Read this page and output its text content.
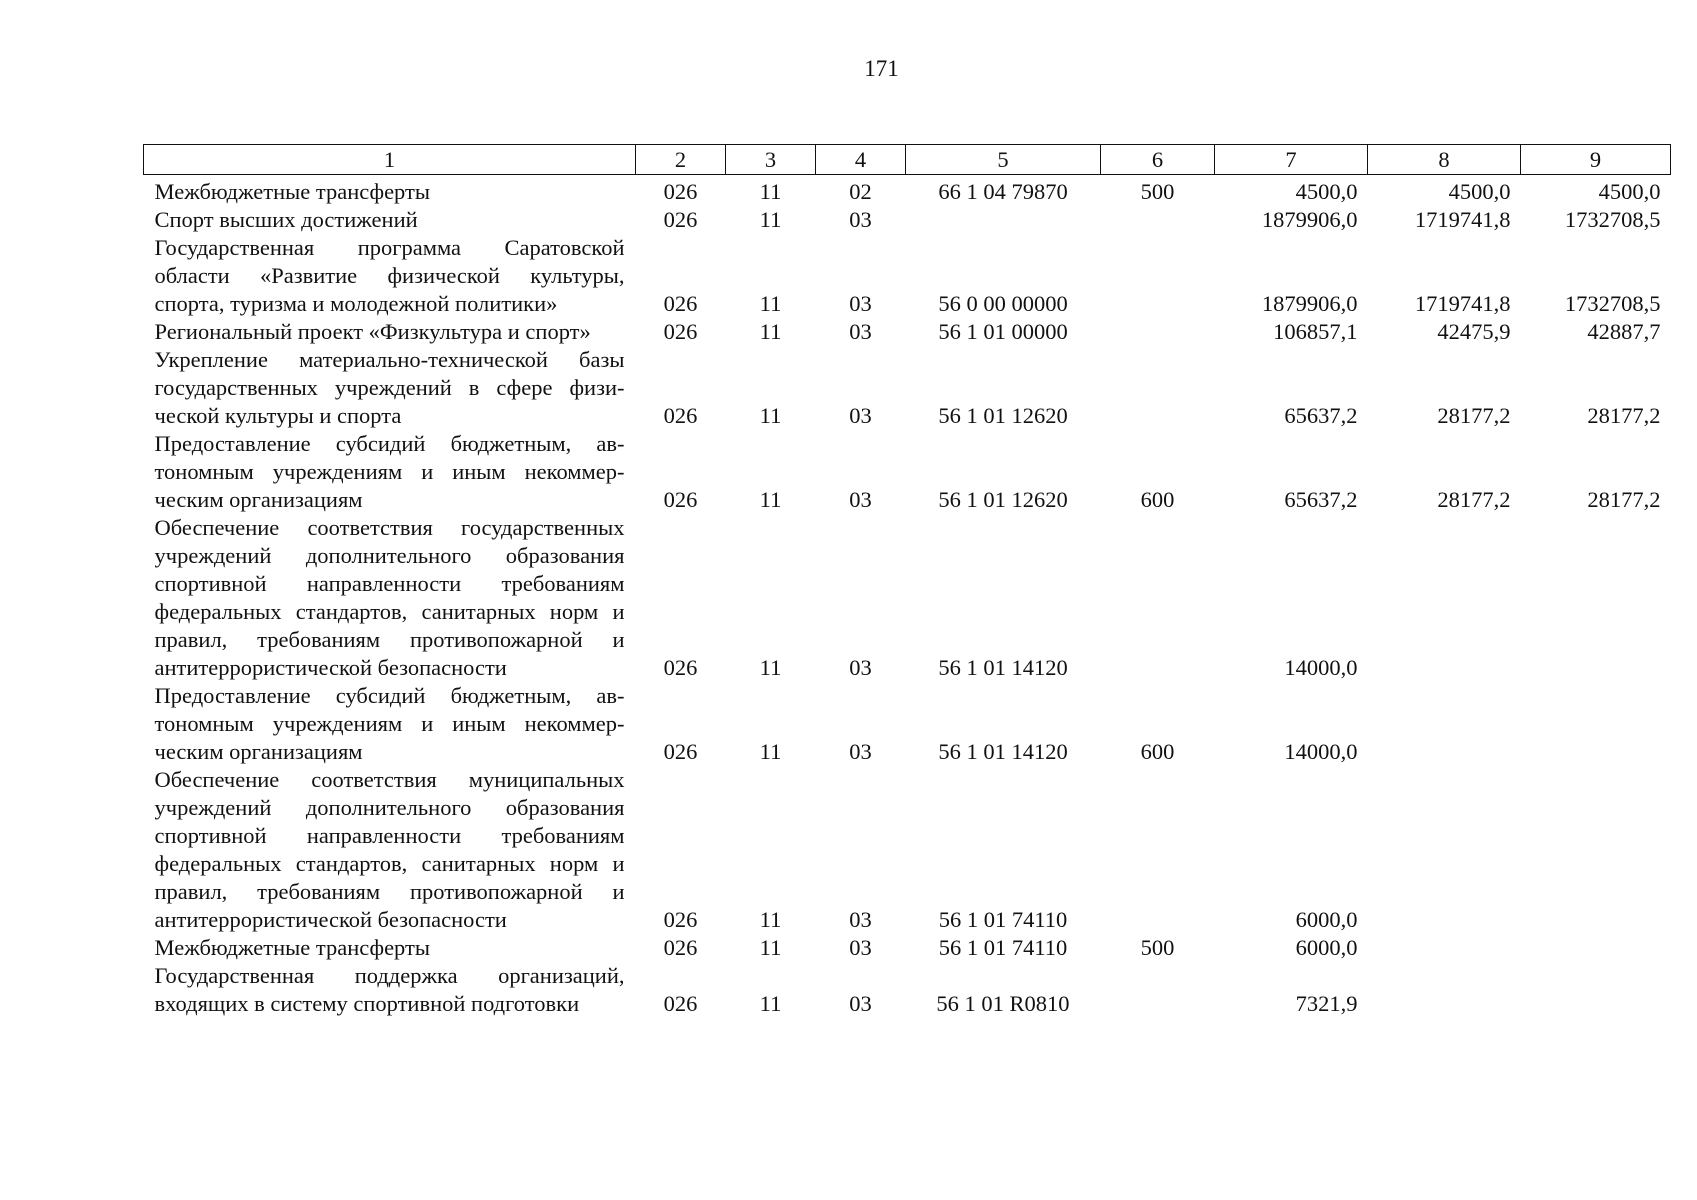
171
1	2	3	4	5	6	7	8	9
Межбюджетные трансферты	026	11	02	66 1 04 79870	500	4500,0	4500,0	4500,0
Спорт высших достижений	026	11	03			1879906,0	1719741,8	1732708,5
Государственная программа Саратовской области «Развитие физической культуры, спорта, туризма и молодежной политики»	026	11	03	56 0 00 00000		1879906,0	1719741,8	1732708,5
Региональный проект «Физкультура и спорт»	026	11	03	56 1 01 00000		106857,1	42475,9	42887,7
Укрепление материально-технической базы государственных учреждений в сфере физической культуры и спорта	026	11	03	56 1 01 12620		65637,2	28177,2	28177,2
Предоставление субсидий бюджетным, автономным учреждениям и иным некоммерческим организациям	026	11	03	56 1 01 12620	600	65637,2	28177,2	28177,2
Обеспечение соответствия государственных учреждений дополнительного образования спортивной направленности требованиям федеральных стандартов, санитарных норм и правил, требованиям противопожарной и антитеррористической безопасности	026	11	03	56 1 01 14120		14000,0		
Предоставление субсидий бюджетным, автономным учреждениям и иным некоммерческим организациям	026	11	03	56 1 01 14120	600	14000,0		
Обеспечение соответствия муниципальных учреждений дополнительного образования спортивной направленности требованиям федеральных стандартов, санитарных норм и правил, требованиям противопожарной и антитеррористической безопасности	026	11	03	56 1 01 74110		6000,0		
Межбюджетные трансферты	026	11	03	56 1 01 74110	500	6000,0		
Государственная поддержка организаций, входящих в систему спортивной подготовки	026	11	03	56 1 01 R0810		7321,9		
